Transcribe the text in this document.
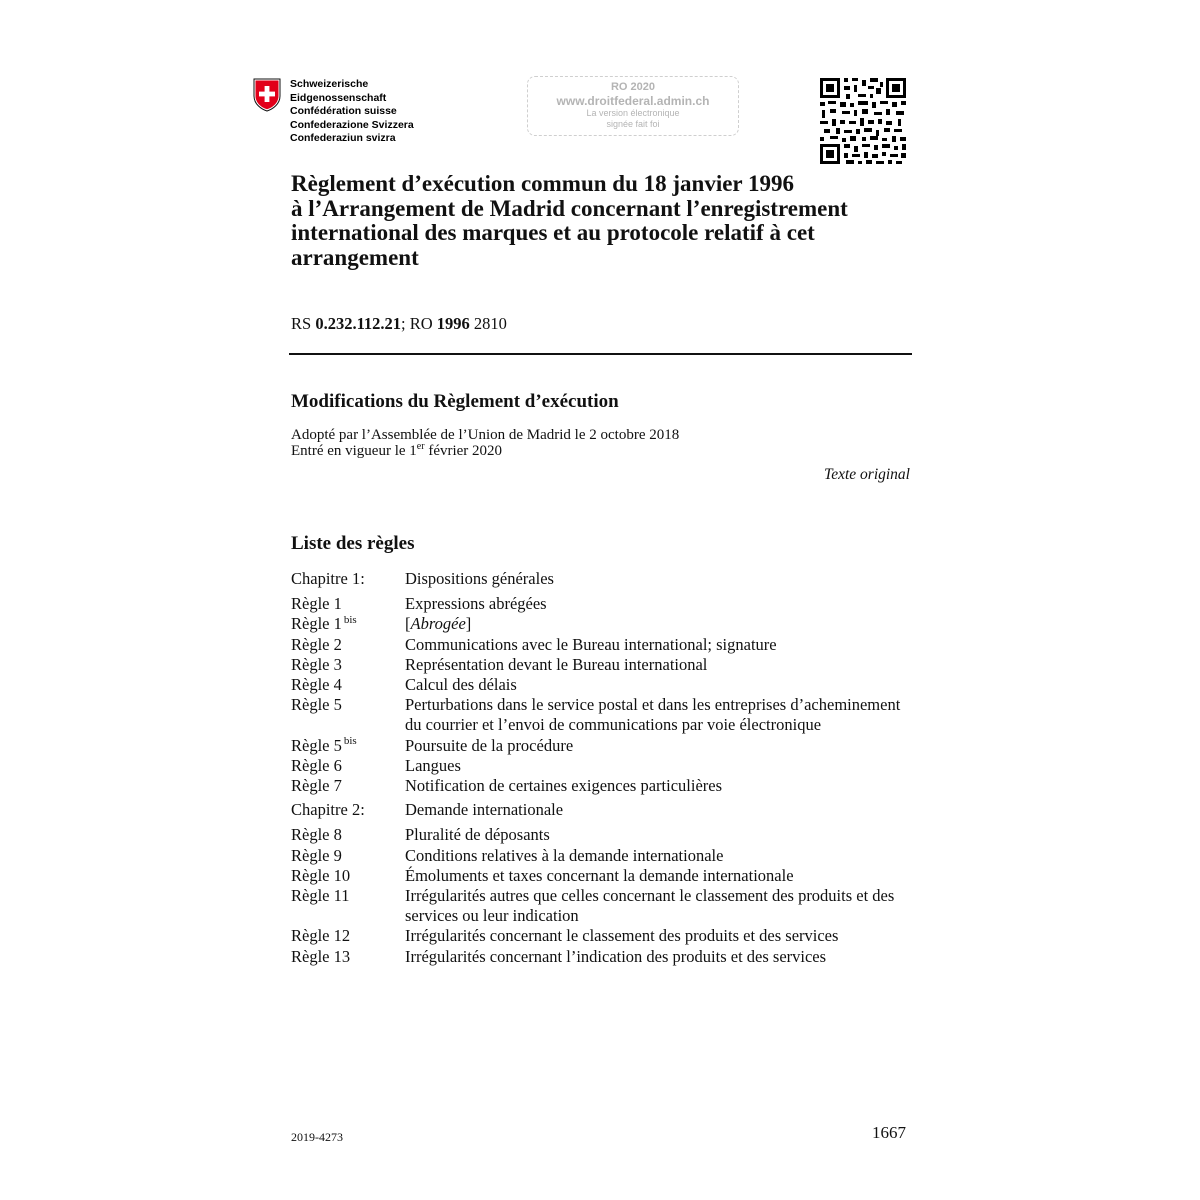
Schweizerische Eidgenossenschaft
Confédération suisse
Confederazione Svizzera
Confederaziun svizra
RO 2020
www.droitfederal.admin.ch
La version électronique
signée fait foi
Règlement d’exécution commun du 18 janvier 1996
à l’Arrangement de Madrid concernant l’enregistrement
international des marques et au protocole relatif à cet
arrangement
RS 0.232.112.21; RO 1996 2810
Modifications du Règlement d’exécution
Adopté par l’Assemblée de l’Union de Madrid le 2 octobre 2018
Entré en vigueur le 1er février 2020
Texte original
Liste des règles
Chapitre 1:	Dispositions générales
Règle 1	Expressions abrégées
Règle 1 $^{bis}$	[Abrogée]
Règle 2	Communications avec le Bureau international; signature
Règle 3	Représentation devant le Bureau international
Règle 4	Calcul des délais
Règle 5	Perturbations dans le service postal et dans les entreprises d’acheminement du courrier et l’envoi de communications par voie électronique
Règle 5 $^{bis}$	Poursuite de la procédure
Règle 6	Langues
Règle 7	Notification de certaines exigences particulières
Chapitre 2:	Demande internationale
Règle 8	Pluralité de déposants
Règle 9	Conditions relatives à la demande internationale
Règle 10	Émoluments et taxes concernant la demande internationale
Règle 11	Irrégularités autres que celles concernant le classement des produits et des services ou leur indication
Règle 12	Irrégularités concernant le classement des produits et des services
Règle 13	Irrégularités concernant l’indication des produits et des services
2019-4273	1667
